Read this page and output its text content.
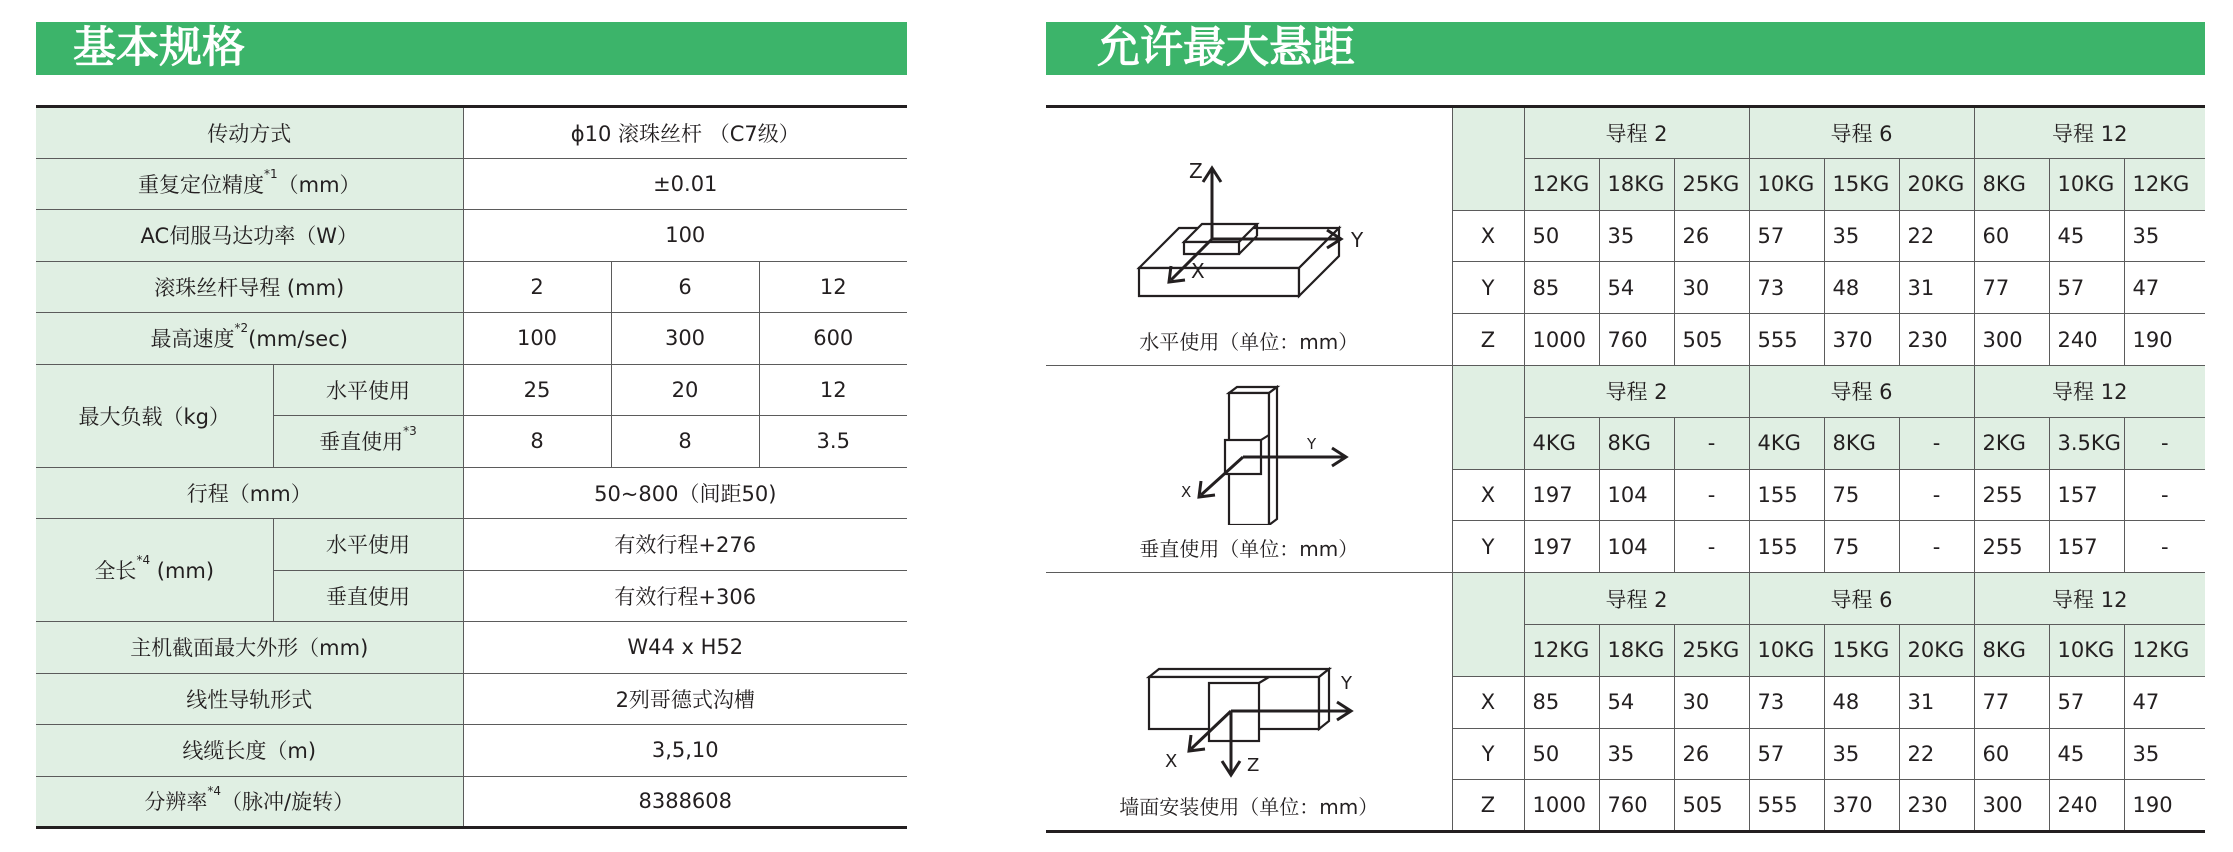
基本规格	允许最大悬距
传动方式		ϕ10 滚珠丝杆 （C7级）		
重复定位精度$^{*1}$（mm）		±0.01		
AC伺服马达功率（W）		100		
滚珠丝杆导程 (mm)		2	6	12
最高速度$^{*2}$(mm/sec)		100	300	600
最大负载（kg）	水平使用	25	20	12
	垂直使用$^{*3}$	8	8	3.5
行程（mm）		50~800（间距50)		
全长$^{*4}$ (mm)	水平使用	有效行程+276		
	垂直使用	有效行程+306		
主机截面最大外形（mm)		W44 x H52		
线性导轨形式		2列哥德式沟槽		
线缆长度（m)		3,5,10		
分辨率$^{*4}$（脉冲/旋转）		8388608		
Z
Y
X
水平使用（单位：mm）		导程 2			导程 6			导程 12		
		12KG	18KG	25KG	10KG	15KG	20KG	8KG	10KG	12KG
	X	50	35	26	57	35	22	60	45	35
	Y	85	54	30	73	48	31	77	57	47
	Z	1000	760	505	555	370	230	300	240	190

Y
X
垂直使用（单位：mm）		导程 2			导程 6			导程 12		
		4KG	8KG	-	4KG	8KG	-	2KG	3.5KG	-
	X	197	104	-	155	75	-	255	157	-
	Y	197	104	-	155	75	-	255	157	-

Y
X Z
墙面安装使用（单位：mm）		导程 2			导程 6			导程 12		
		12KG	18KG	25KG	10KG	15KG	20KG	8KG	10KG	12KG
	X	85	54	30	73	48	31	77	57	47
	Y	50	35	26	57	35	22	60	45	35
	Z	1000	760	505	555	370	230	300	240	190
